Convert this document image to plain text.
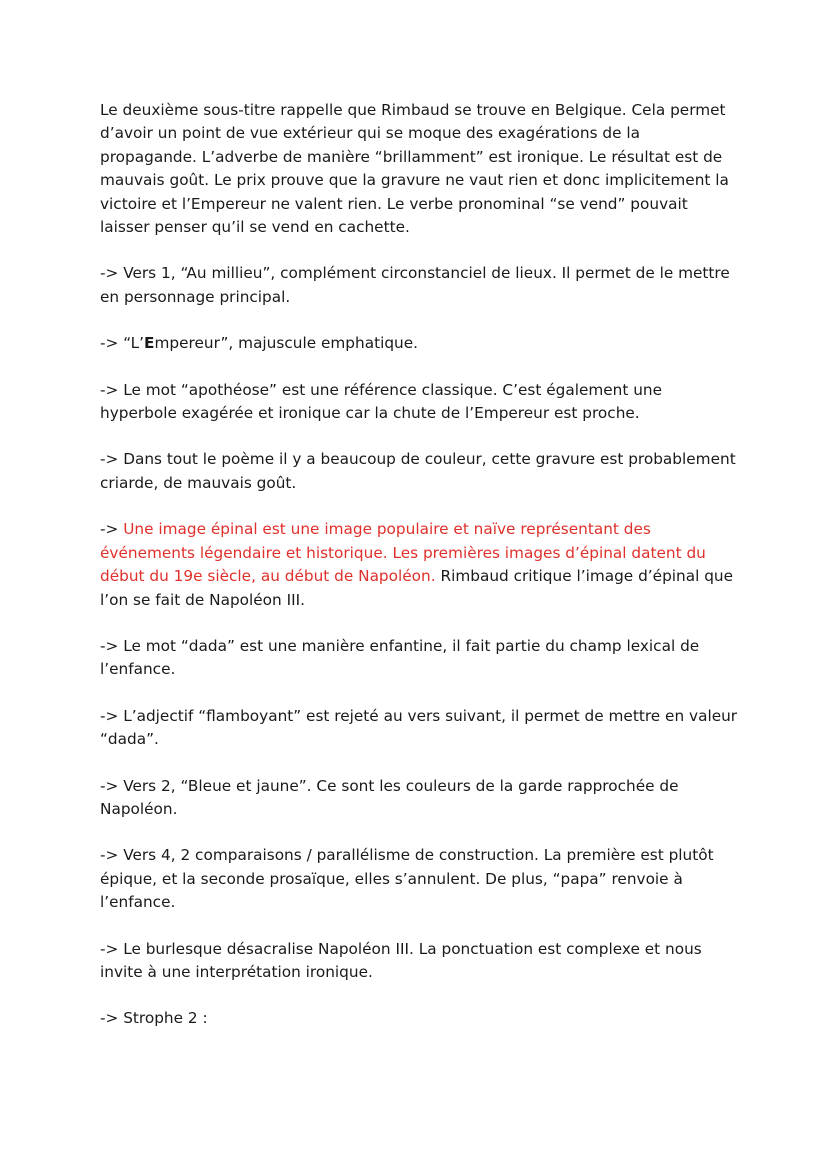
Le deuxième sous-titre rappelle que Rimbaud se trouve en Belgique. Cela permet d’avoir un point de vue extérieur qui se moque des exagérations de la propagande. L’adverbe de manière “brillamment” est ironique. Le résultat est de mauvais goût. Le prix prouve que la gravure ne vaut rien et donc implicitement la victoire et l’Empereur ne valent rien. Le verbe pronominal “se vend” pouvait laisser penser qu’il se vend en cachette.

-> Vers 1, “Au millieu”, complément circonstanciel de lieux. Il permet de le mettre en personnage principal.

-> “L’Empereur”, majuscule emphatique.

-> Le mot “apothéose” est une référence classique. C’est également une hyperbole exagérée et ironique car la chute de l’Empereur est proche.

-> Dans tout le poème il y a beaucoup de couleur, cette gravure est probablement criarde, de mauvais goût.

-> Une image épinal est une image populaire et naïve représentant des événements légendaire et historique. Les premières images d’épinal datent du début du 19e siècle, au début de Napoléon. Rimbaud critique l’image d’épinal que l’on se fait de Napoléon III.

-> Le mot “dada” est une manière enfantine, il fait partie du champ lexical de l’enfance.

-> L’adjectif “flamboyant” est rejeté au vers suivant, il permet de mettre en valeur “dada”.

-> Vers 2, “Bleue et jaune”. Ce sont les couleurs de la garde rapprochée de Napoléon.

-> Vers 4, 2 comparaisons / parallélisme de construction. La première est plutôt épique, et la seconde prosaïque, elles s’annulent. De plus, “papa” renvoie à l’enfance.

-> Le burlesque désacralise Napoléon III. La ponctuation est complexe et nous invite à une interprétation ironique.

-> Strophe 2 :
